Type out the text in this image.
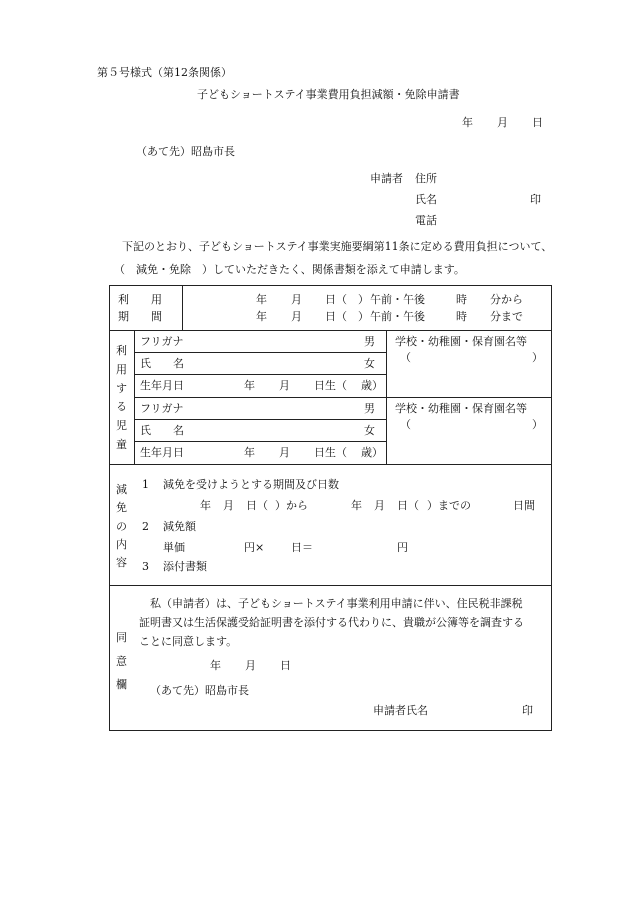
第５号様式（第12条関係）
子どもショートステイ事業費用負担減額・免除申請書
年 月 日
（あて先）昭島市長
申請者 住所
氏名	印
電話
下記のとおり、子どもショートステイ事業実施要綱第11条に定める費用負担について、
（　減免・免除　）していただきたく、関係書類を添えて申請します。
利　　用
期　　間
年 月 日（ ） 午前・午後	時 分から
年 月 日（ ） 午前・午後	時 分まで
利
用
す
る
児
童
フリガナ	男
氏　　名	女
生年月日	年 月 日生（ 歳）
学校・幼稚園・保育園名等
（	）
フリガナ	男
氏　　名	女
生年月日	年 月 日生（ 歳）
学校・幼稚園・保育園名等
（	）
減
免
の
内
容
1 減免を受けようとする期間及び日数
年 月 日（ ）から	年 月 日（ ）までの	日間
2 減免額
単価	円× 日＝	円
3 添付書類
同
意
欄
私（申請者）は、子どもショートステイ事業利用申請に伴い、住民税非課税
証明書又は生活保護受給証明書を添付する代わりに、貴職が公簿等を調査する
ことに同意します。
年 月 日
（あて先）昭島市長
申請者氏名	印
